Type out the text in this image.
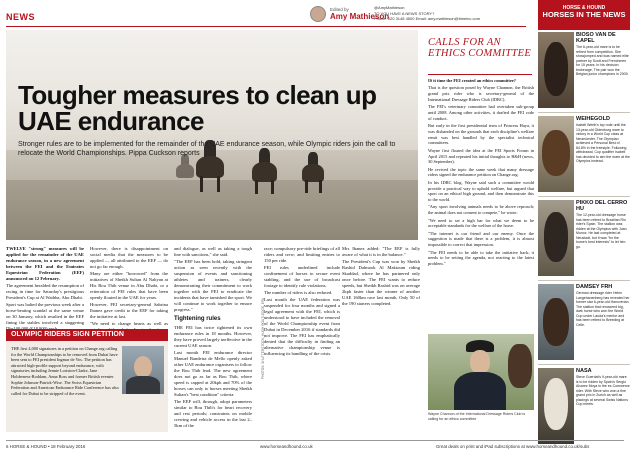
NEWS
Edited by
Amy Mathieson
@AmyMathieson
TO YOU HAVE A NEWS STORY?
Phone: 020 3148 4500 Email: amy.mathieson@timeinc.com
HORSE & HOUND
HORSES IN THE NEWS
Tougher measures to clean up UAE endurance
Stronger rules are to be implemented for the remainder of the UAE endurance season, while Olympic riders join the call to relocate the World Championships. Pippa Cuckson reports

TWELVE "strong" measures will be applied for the remainder of the UAE endurance season, in a new agreement between the FEI and the Emirates Equestrian Federation (EEF) announced on 12 February.

The agreement heralded the resumption of racing in time for Saturday's prestigious President's Cup at Al Wathba, Abu Dhabi.

Sport was halted the previous week after a horse-beating scandal at the same venue on 30 January, which resulted in the EEF fining the stables involved a staggering

However, there is disappointment on social media that the measures to be applied — all attributed to the EEF — do not go far enough.

Many are either "borrowed" from the initiatives of Sheikh Sultan Al Nahyan at His Bou Thib venue in Abu Dhabi, or a reiteration of FEI rules that have been openly flouted in the UAE for years.

However, FEI secretary-general Sabrina Ibanez gave credit to the EEF for taking the initiative at last.

"We need to change hearts as well as

and dialogue, as well as taking a tough line with sanctions," she said.

"The EEF has been bold, taking stringent action as seen recently with the suspension of events and sanctioning athletes and trainers, clearly demonstrating their commitment to work together with the FEI to eradicate the incidents that have tarnished the sport. We will continue to work together to ensure progress."

Tightening rules

THE FEI has twice tightened its own endurance rules in 18 months. However, they have proved largely ineffective in the current UAE season.

Last month FEI endurance director Manuel Bandeira de Mello openly asked other UAE endurance organisers to follow the Bou Thib lead. The new agreement does not go as far as Bou Thib, where speed is capped at 20kph and 70% of the horses can only to horses meeting Sheikh Sultan's "best condition" criteria.

The EEF will, through, adopt parameters similar to Bou Thib's for heart recovery and rest periods; constraints on mobile crewing and vehicle access in the last 2–5km of the

PHOTOS: SHUTTERSTOCK, HUGH ROUTLEDGE, EPA

race; compulsory pre-ride briefings of all riders and crew; and limiting entries to 150 per ride.

FEI rules underlined include confinement of horses to secure event stabling, and the use of broadcast footage to identify rule violations.

The number of riders is also reduced.

Last month the UAE federation was suspended for four months and signed a legal agreement with the FEI, which is understood to have included the removal of the World Championship event from Dubai in December 2016 if standards did not improve. The FEI has emphatically denied that the difficulty in finding an alternative championship venue is influencing its handling of the crisis.

Mrs Ibanez added: "The EEF is fully aware of what it is in the balance."

The President's Cup was won by Sheikh Rashid Dalmook Al Maktoum riding Skaddad, where he has partnered only once before. The FEI wants to reduce speeds, but Sheikh Rashid was on average 2kph faster than the winner of another UAE 160km race last month. Only 50 of the 190 starters completed.

OLYMPIC RIDERS SIGN PETITION
THE first 4,000 signatures in a petition on Change.org calling for the World Championships to be removed from Dubai have been sent to FEI president Ingmar de Vos. The petition has attracted high-profile support beyond endurance, with signatories including Jennie Loriston-Clarke, Jane Holderness-Roddam, Anna Ross and former British eventer Sophie Johnson-Patrick-Wise. The Swiss Equestrian Federation and American Endurance Ride Conference has also called for Dubai to be stripped of the event.
CALLS FOR AN ETHICS COMMITTEE

IS it time the FEI created an ethics committee?

That is the question posed by Wayne Channon, the British grand prix rider who is secretary-general of the International Dressage Riders Club (IDRC).

The FEI's veterinary committee had overtaken sub-group until 2008. Among other activities, it drafted the FEI code of conduct.

But early in the first presidential term of Princess Haya, it was disbanded on the grounds that each discipline's welfare remit was best handled by the specialist technical committees.

Wayne first floated the idea at the FEI Sports Forum in April 2015 and repeated his initial thoughts to H&H (news, 30 September).

He revived the topic the same week that many dressage riders signed the endurance petition on Change.org.

In his IDRC blog, Wayne said such a committee would provide a practical way to uphold welfare, but argued that sport on an ethical high ground, and then demonstrate this to the world.

"Any sport involving animals needs to be above reproach; the animal does not consent to compete," he wrote.

"We need to set a high bar for what we deem to be acceptable standards for the welfare of the horse.

"The internet is our friend and our enemy. Once the suggestion is made that there is a problem, it is almost impossible to correct that impression.

"The FEI needs to be able to take the initiative back; it needs to be setting the agenda, not reacting to the latest problem."

Wayne Channon of the International Dressage Riders Club is calling for an ethics committee
BIOSO VAN DE KAPEL
The 6-year-old mare is to be retired from competition. She showjumped and was named elite partner by Scott and Frenchmen for 15 years. In his decision brokerage, The pair won the Belgian junior champions in 2009.
WEIHEGOLD
Isabell Werth's top rode until the 13-year-old Oldenburg mare to victory in a World Cup class at Neumünster. The Olympian achieved a Personal Best of 84.8% in the freestyle. Following withdrawal, Cup qualifier Isabell has decided to aim the mare at the Olympics instead.
PIKKO DEL CERRO HU
The 12-year-old dressage horse has been retired to Brazilian Rio rider's Spain. The stallion was ridden at the Olympics with Juan Munoz. He last completed at Neustadt, but it was "for the horse's best interests" to let him go.
DAMSEY FRH
German dressage rider Helen Langehanenberg has revealed her former star 6-year-old Hanoverian. The stallion that renowned big, dark horse who won the World Cup under Lauda's mentor and has been retired to Breeding at Celle.
NASA
Steve Guerdat's 9-year-old mare is to be ridden by Spain's Sergio Alvarez Moya in the ex-Commerce rider. With Steve who won a fine grand prix in Zurich as well as placings at several Swiss Nations Cup meets.
6 HORSE & HOUND • 18 February 2016	www.horseandhound.co.uk	Great deals on print and iPad subscriptions at www.horseandhound.co.uk/subs
